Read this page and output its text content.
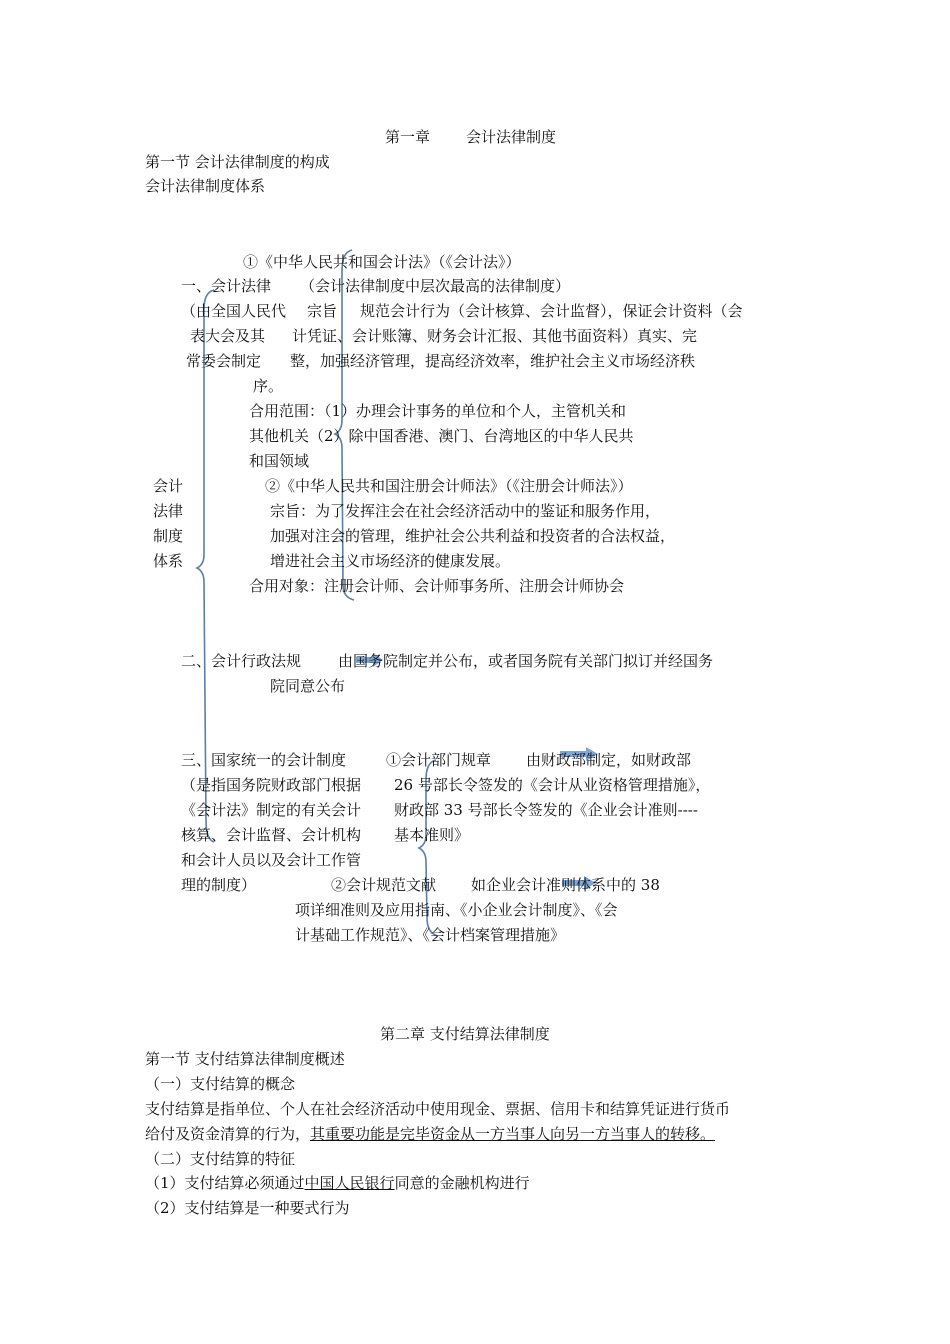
第一章 会计法律制度
第一节 会计法律制度的构成
会计法律制度体系
①《中华人民共和国会计法》（《会计法》）
一、会计法律 （会计法律制度中层次最高的法律制度）
（由全国人民代
表大会及其
常委会制定
宗旨 规范会计行为（会计核算、会计监督），保证会计资料（会
计凭证、会计账簿、财务会计汇报、其他书面资料）真实、完
整，加强经济管理，提高经济效率，维护社会主义市场经济秩
序。
合用范围：（1）办理会计事务的单位和个人，主管机关和
其他机关（2）除中国香港、澳门、台湾地区的中华人民共
和国领域
会计
法律
制度
体系
②《中华人民共和国注册会计师法》（《注册会计师法》）
宗旨：为了发挥注会在社会经济活动中的鉴证和服务作用，
加强对注会的管理，维护社会公共利益和投资者的合法权益，
增进社会主义市场经济的健康发展。
合用对象：注册会计师、会计师事务所、注册会计师协会
二、会计行政法规 由国务院制定并公布，或者国务院有关部门拟订并经国务
院同意公布
三、国家统一的会计制度	①会计部门规章 由财政部制定，如财政部
（是指国务院财政部门根据 26 号部长令签发的《会计从业资格管理措施》，
《会计法》制定的有关会计 财政部 33 号部长令签发的《企业会计准则----
核算、会计监督、会计机构 基本准则》
和会计人员以及会计工作管
理的制度）	②会计规范文献 如企业会计准则体系中的 38
项详细准则及应用指南、《小企业会计制度》、《会
计基础工作规范》、《会计档案管理措施》
第二章 支付结算法律制度
第一节 支付结算法律制度概述
（一）支付结算的概念
支付结算是指单位、个人在社会经济活动中使用现金、票据、信用卡和结算凭证进行货币
给付及资金清算的行为，其重要功能是完毕资金从一方当事人向另一方当事人的转移。
（二）支付结算的特征
（1）支付结算必须通过中国人民银行同意的金融机构进行
（2）支付结算是一种要式行为
